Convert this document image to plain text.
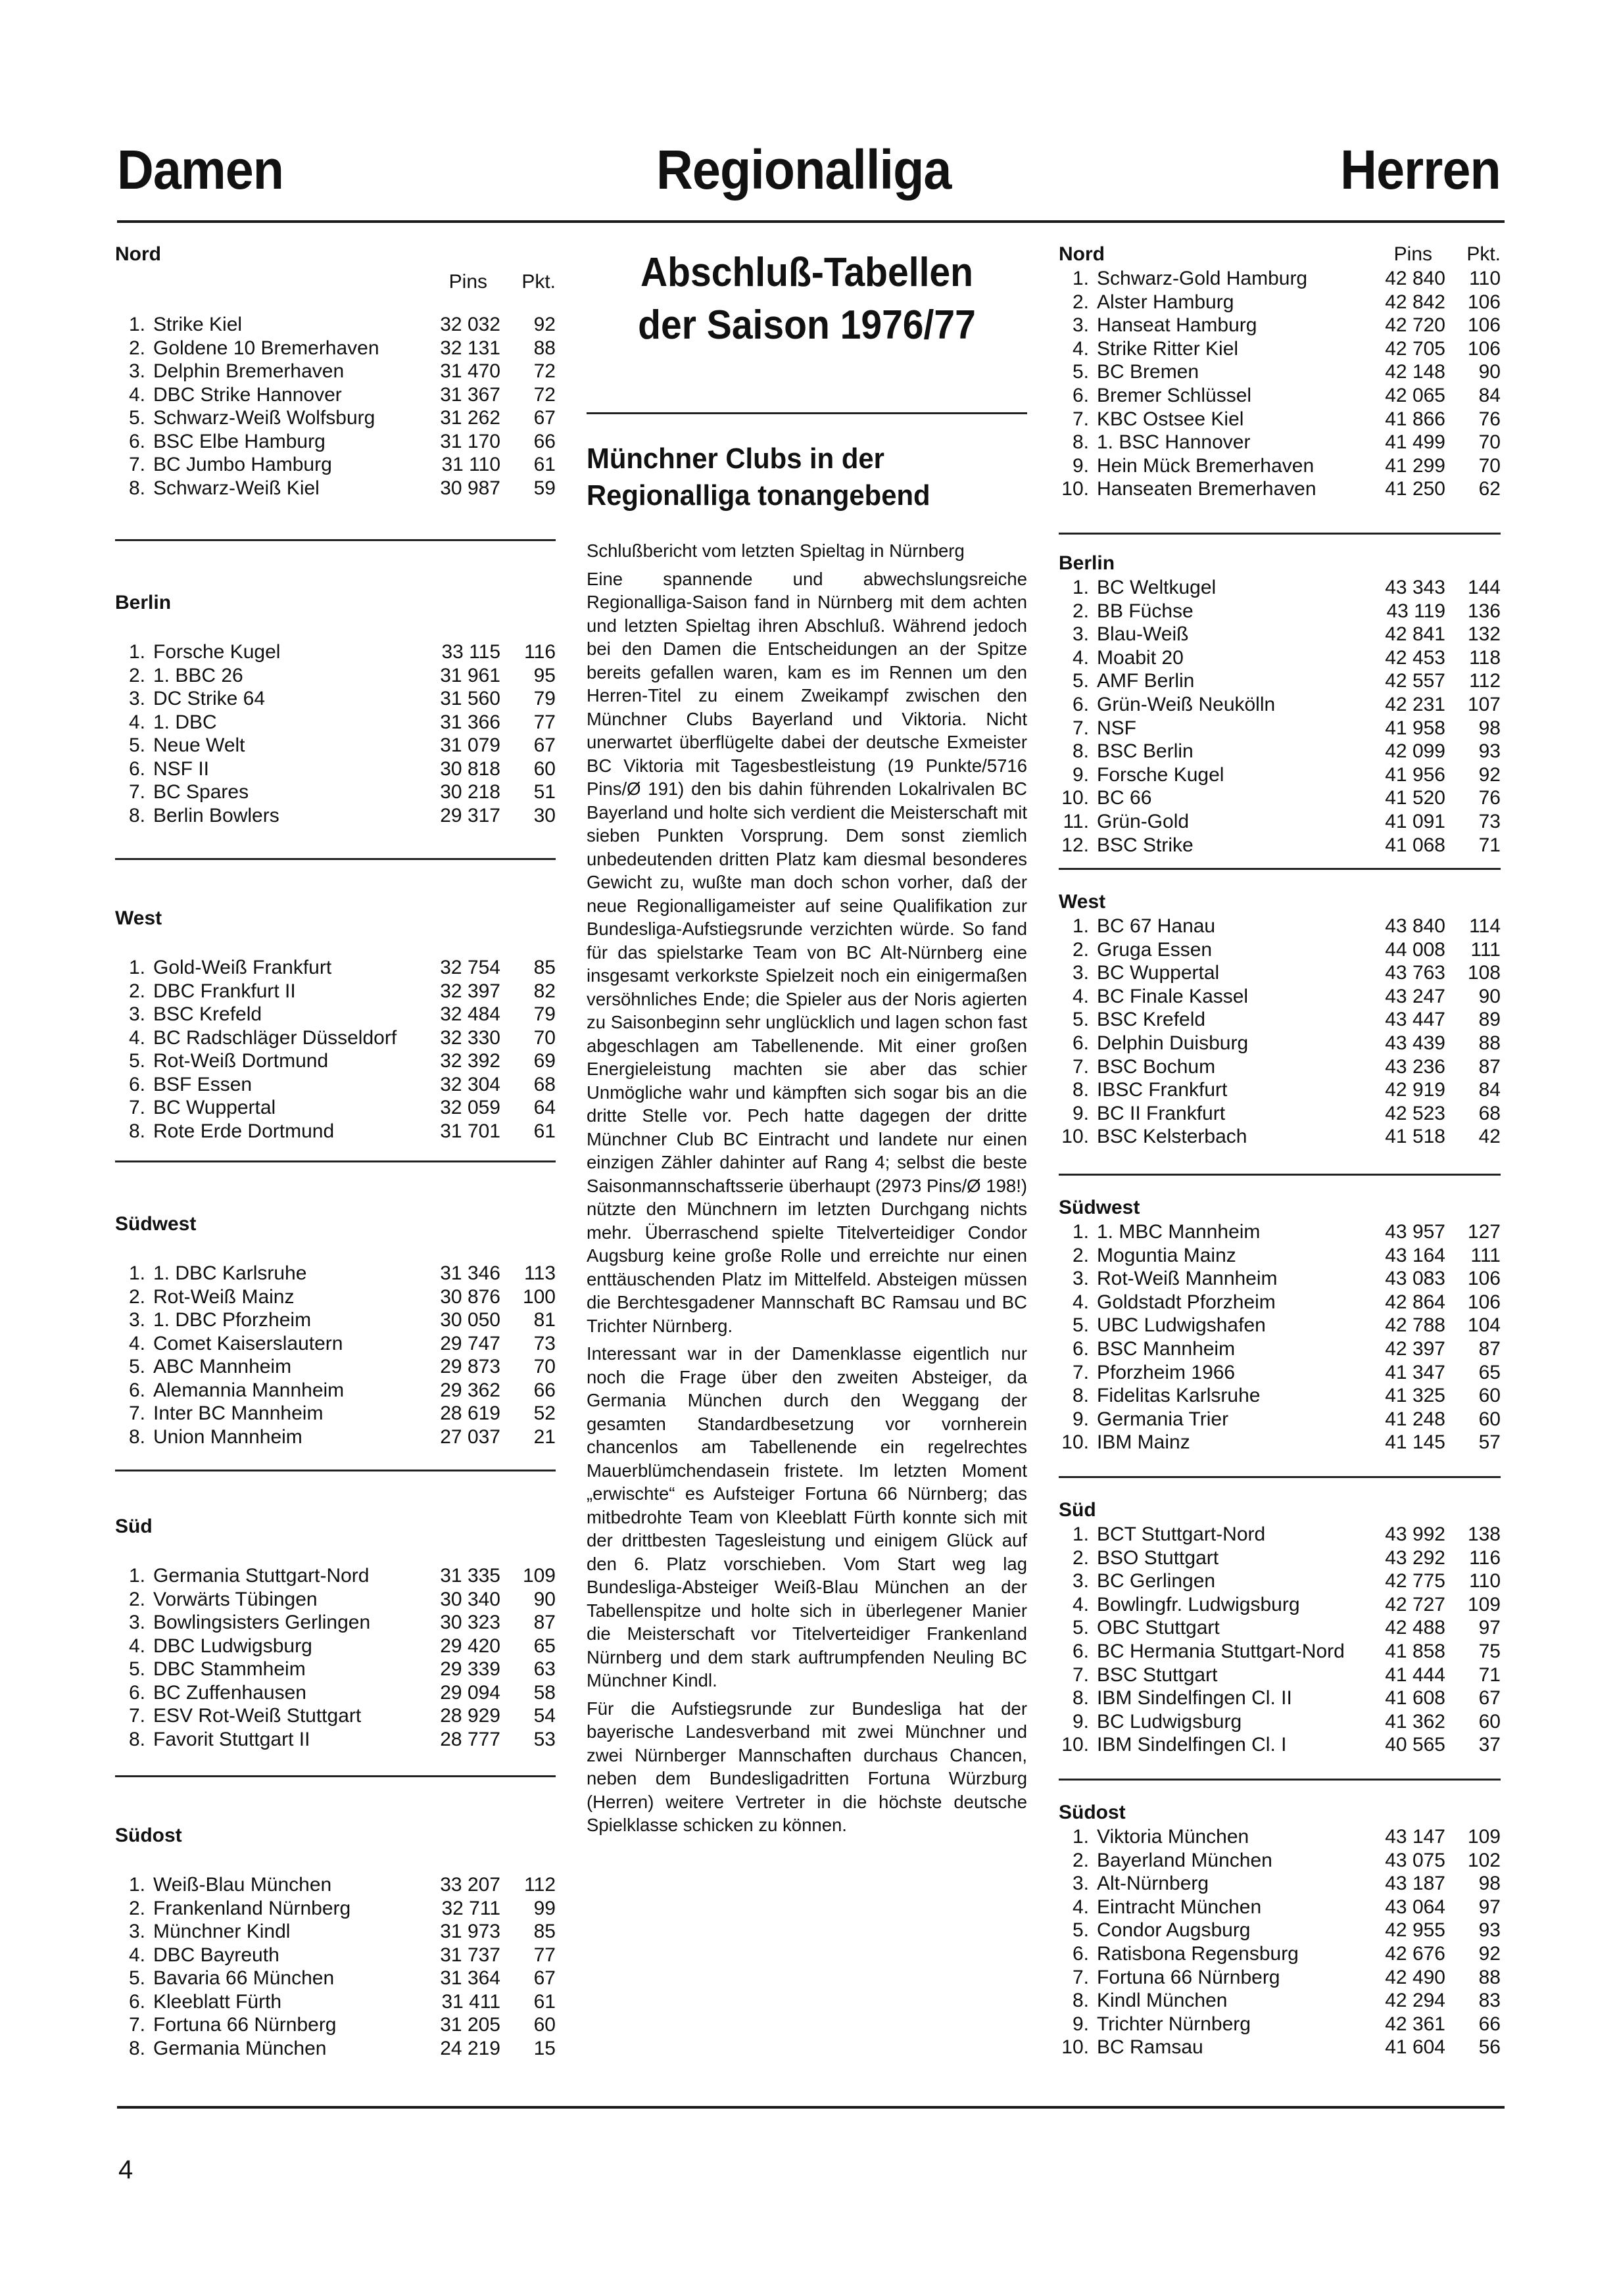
Damen	Regionalliga	Herren
Nord
Pins	Pkt.
1. Strike Kiel	32 032	92
2. Goldene 10 Bremerhaven	32 131	88
3. Delphin Bremerhaven	31 470	72
4. DBC Strike Hannover	31 367	72
5. Schwarz-Weiß Wolfsburg	31 262	67
6. BSC Elbe Hamburg	31 170	66
7. BC Jumbo Hamburg	31 110	61
8. Schwarz-Weiß Kiel	30 987	59
Berlin
1. Forsche Kugel	33 115	116
2. 1. BBC 26	31 961	95
3. DC Strike 64	31 560	79
4. 1. DBC	31 366	77
5. Neue Welt	31 079	67
6. NSF II	30 818	60
7. BC Spares	30 218	51
8. Berlin Bowlers	29 317	30
West
1. Gold-Weiß Frankfurt	32 754	85
2. DBC Frankfurt II	32 397	82
3. BSC Krefeld	32 484	79
4. BC Radschläger Düsseldorf	32 330	70
5. Rot-Weiß Dortmund	32 392	69
6. BSF Essen	32 304	68
7. BC Wuppertal	32 059	64
8. Rote Erde Dortmund	31 701	61
Südwest
1. 1. DBC Karlsruhe	31 346	113
2. Rot-Weiß Mainz	30 876	100
3. 1. DBC Pforzheim	30 050	81
4. Comet Kaiserslautern	29 747	73
5. ABC Mannheim	29 873	70
6. Alemannia Mannheim	29 362	66
7. Inter BC Mannheim	28 619	52
8. Union Mannheim	27 037	21
Süd
1. Germania Stuttgart-Nord	31 335	109
2. Vorwärts Tübingen	30 340	90
3. Bowlingsisters Gerlingen	30 323	87
4. DBC Ludwigsburg	29 420	65
5. DBC Stammheim	29 339	63
6. BC Zuffenhausen	29 094	58
7. ESV Rot-Weiß Stuttgart	28 929	54
8. Favorit Stuttgart II	28 777	53
Südost
1. Weiß-Blau München	33 207	112
2. Frankenland Nürnberg	32 711	99
3. Münchner Kindl	31 973	85
4. DBC Bayreuth	31 737	77
5. Bavaria 66 München	31 364	67
6. Kleeblatt Fürth	31 411	61
7. Fortuna 66 Nürnberg	31 205	60
8. Germania München	24 219	15
Abschluß-Tabellen
der Saison 1976/77
Münchner Clubs in der
Regionalliga tonangebend

Schlußbericht vom letzten Spieltag in Nürnberg

Eine spannende und abwechslungsreiche Regionalliga-Saison fand in Nürnberg mit dem achten und letzten Spieltag ihren Abschluß. Während jedoch bei den Damen die Entscheidungen an der Spitze bereits gefallen waren, kam es im Rennen um den Herren-Titel zu einem Zweikampf zwischen den Münchner Clubs Bayerland und Viktoria. Nicht unerwartet überflügelte dabei der deutsche Exmeister BC Viktoria mit Tagesbestleistung (19 Punkte/5716 Pins/Ø 191) den bis dahin führenden Lokalrivalen BC Bayerland und holte sich verdient die Meisterschaft mit sieben Punkten Vorsprung. Dem sonst ziemlich unbedeutenden dritten Platz kam diesmal besonderes Gewicht zu, wußte man doch schon vorher, daß der neue Regionalligameister auf seine Qualifikation zur Bundesliga-Aufstiegsrunde verzichten würde. So fand für das spielstarke Team von BC Alt-Nürnberg eine insgesamt verkorkste Spielzeit noch ein einigermaßen versöhnliches Ende; die Spieler aus der Noris agierten zu Saisonbeginn sehr unglücklich und lagen schon fast abgeschlagen am Tabellenende. Mit einer großen Energieleistung machten sie aber das schier Unmögliche wahr und kämpften sich sogar bis an die dritte Stelle vor. Pech hatte dagegen der dritte Münchner Club BC Eintracht und landete nur einen einzigen Zähler dahinter auf Rang 4; selbst die beste Saisonmannschaftsserie überhaupt (2973 Pins/Ø 198!) nützte den Münchnern im letzten Durchgang nichts mehr. Überraschend spielte Titelverteidiger Condor Augsburg keine große Rolle und erreichte nur einen enttäuschenden Platz im Mittelfeld. Absteigen müssen die Berchtesgadener Mannschaft BC Ramsau und BC Trichter Nürnberg.

Interessant war in der Damenklasse eigentlich nur noch die Frage über den zweiten Absteiger, da Germania München durch den Weggang der gesamten Standardbesetzung vor vornherein chancenlos am Tabellenende ein regelrechtes Mauerblümchendasein fristete. Im letzten Moment „erwischte“ es Aufsteiger Fortuna 66 Nürnberg; das mitbedrohte Team von Kleeblatt Fürth konnte sich mit der drittbesten Tagesleistung und einigem Glück auf den 6. Platz vorschieben. Vom Start weg lag Bundesliga-Absteiger Weiß-Blau München an der Tabellenspitze und holte sich in überlegener Manier die Meisterschaft vor Titelverteidiger Frankenland Nürnberg und dem stark auftrumpfenden Neuling BC Münchner Kindl.

Für die Aufstiegsrunde zur Bundesliga hat der bayerische Landesverband mit zwei Münchner und zwei Nürnberger Mannschaften durchaus Chancen, neben dem Bundesligadritten Fortuna Würzburg (Herren) weitere Vertreter in die höchste deutsche Spielklasse schicken zu können.

Nord	Pins	Pkt.
1. Schwarz-Gold Hamburg	42 840	110
2. Alster Hamburg	42 842	106
3. Hanseat Hamburg	42 720	106
4. Strike Ritter Kiel	42 705	106
5. BC Bremen	42 148	90
6. Bremer Schlüssel	42 065	84
7. KBC Ostsee Kiel	41 866	76
8. 1. BSC Hannover	41 499	70
9. Hein Mück Bremerhaven	41 299	70
10. Hanseaten Bremerhaven	41 250	62
Berlin
1. BC Weltkugel	43 343	144
2. BB Füchse	43 119	136
3. Blau-Weiß	42 841	132
4. Moabit 20	42 453	118
5. AMF Berlin	42 557	112
6. Grün-Weiß Neukölln	42 231	107
7. NSF	41 958	98
8. BSC Berlin	42 099	93
9. Forsche Kugel	41 956	92
10. BC 66	41 520	76
11. Grün-Gold	41 091	73
12. BSC Strike	41 068	71
West
1. BC 67 Hanau	43 840	114
2. Gruga Essen	44 008	111
3. BC Wuppertal	43 763	108
4. BC Finale Kassel	43 247	90
5. BSC Krefeld	43 447	89
6. Delphin Duisburg	43 439	88
7. BSC Bochum	43 236	87
8. IBSC Frankfurt	42 919	84
9. BC II Frankfurt	42 523	68
10. BSC Kelsterbach	41 518	42
Südwest
1. 1. MBC Mannheim	43 957	127
2. Moguntia Mainz	43 164	111
3. Rot-Weiß Mannheim	43 083	106
4. Goldstadt Pforzheim	42 864	106
5. UBC Ludwigshafen	42 788	104
6. BSC Mannheim	42 397	87
7. Pforzheim 1966	41 347	65
8. Fidelitas Karlsruhe	41 325	60
9. Germania Trier	41 248	60
10. IBM Mainz	41 145	57
Süd
1. BCT Stuttgart-Nord	43 992	138
2. BSO Stuttgart	43 292	116
3. BC Gerlingen	42 775	110
4. Bowlingfr. Ludwigsburg	42 727	109
5. OBC Stuttgart	42 488	97
6. BC Hermania Stuttgart-Nord	41 858	75
7. BSC Stuttgart	41 444	71
8. IBM Sindelfingen Cl. II	41 608	67
9. BC Ludwigsburg	41 362	60
10. IBM Sindelfingen Cl. I	40 565	37
Südost
1. Viktoria München	43 147	109
2. Bayerland München	43 075	102
3. Alt-Nürnberg	43 187	98
4. Eintracht München	43 064	97
5. Condor Augsburg	42 955	93
6. Ratisbona Regensburg	42 676	92
7. Fortuna 66 Nürnberg	42 490	88
8. Kindl München	42 294	83
9. Trichter Nürnberg	42 361	66
10. BC Ramsau	41 604	56
4
